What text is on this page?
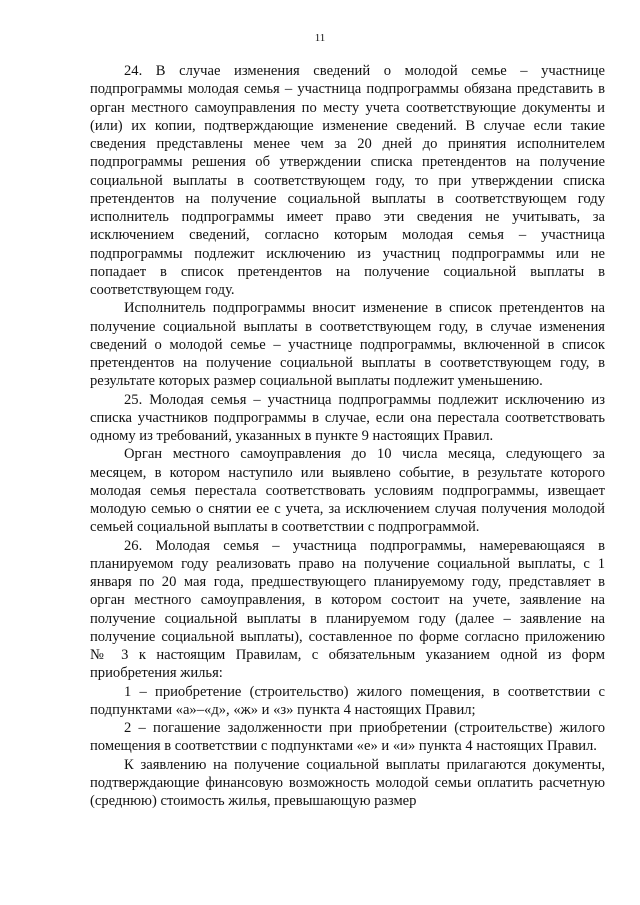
11

24. В случае изменения сведений о молодой семье – участнице подпрограммы молодая семья – участница подпрограммы обязана представить в орган местного самоуправления по месту учета соответствующие документы и (или) их копии, подтверждающие изменение сведений. В случае если такие сведения представлены менее чем за 20 дней до принятия исполнителем подпрограммы решения об утверждении списка претендентов на получение социальной выплаты в соответствующем году, то при утверждении списка претендентов на получение социальной выплаты в соответствующем году исполнитель подпрограммы имеет право эти сведения не учитывать, за исключением сведений, согласно которым молодая семья – участница подпрограммы подлежит исключению из участниц подпрограммы или не попадает в список претендентов на получение социальной выплаты в соответствующем году.

Исполнитель подпрограммы вносит изменение в список претендентов на получение социальной выплаты в соответствующем году, в случае изменения сведений о молодой семье – участнице подпрограммы, включенной в список претендентов на получение социальной выплаты в соответствующем году, в результате которых размер социальной выплаты подлежит уменьшению.

25. Молодая семья – участница подпрограммы подлежит исключению из списка участников подпрограммы в случае, если она перестала соответствовать одному из требований, указанных в пункте 9 настоящих Правил.

Орган местного самоуправления до 10 числа месяца, следующего за месяцем, в котором наступило или выявлено событие, в результате которого молодая семья перестала соответствовать условиям подпрограммы, извещает молодую семью о снятии ее с учета, за исключением случая получения молодой семьей социальной выплаты в соответствии с подпрограммой.

26. Молодая семья – участница подпрограммы, намеревающаяся в планируемом году реализовать право на получение социальной выплаты, с 1 января по 20 мая года, предшествующего планируемому году, представляет в орган местного самоуправления, в котором состоит на учете, заявление на получение социальной выплаты в планируемом году (далее – заявление на получение социальной выплаты), составленное по форме согласно приложению № 3 к настоящим Правилам, с обязательным указанием одной из форм приобретения жилья:

1 – приобретение (строительство) жилого помещения, в соответствии с подпунктами «а»–«д», «ж» и «з» пункта 4 настоящих Правил;

2 – погашение задолженности при приобретении (строительстве) жилого помещения в соответствии с подпунктами «е» и «и» пункта 4 настоящих Правил.

К заявлению на получение социальной выплаты прилагаются документы, подтверждающие финансовую возможность молодой семьи оплатить расчетную (среднюю) стоимость жилья, превышающую размер
